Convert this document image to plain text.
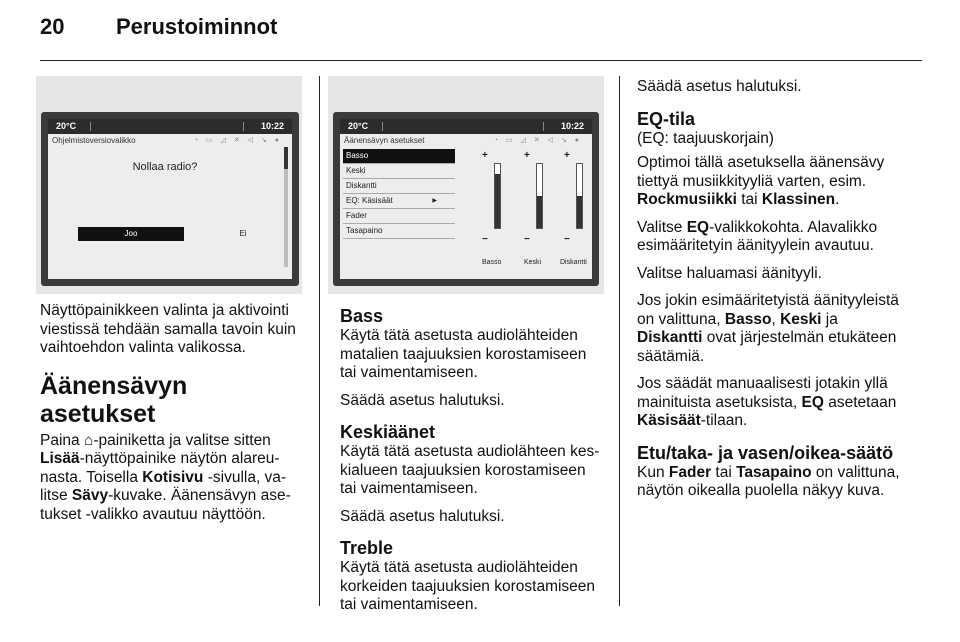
20 Perustoiminnot
20°C	10:22
Ohjelmistoversiovalikko	◔ ▭ ◿ ✕ ◁ ↘ ●
Nollaa radio?
Joo	Ei
20°C	10:22
Äänensävyn asetukset	◔ ▭ ◿ ✕ ◁ ↘ ●
Basso
Keski
Diskantti
EQ: Käsisäät	▶
Fader
Tasapaino
+
−
+
−
+
−
Basso	Keski	Diskantti

Näyttöpainikkeen valinta ja aktivointi viestissä tehdään samalla tavoin kuin vaihtoehdon valinta valikossa.

Äänensävyn asetukset

Paina ⌂-painiketta ja valitse sitten Lisää-näyttöpainike näytön alareunasta. Toisella Kotisivu -sivulla, valitse Sävy-kuvake. Äänensävyn asetukset -valikko avautuu näyttöön.

Bass

Käytä tätä asetusta audiolähteiden matalien taajuuksien korostamiseen tai vaimentamiseen.

Säädä asetus halutuksi.

Keskiäänet

Käytä tätä asetusta audiolähteen keskialueen taajuuksien korostamiseen tai vaimentamiseen.

Säädä asetus halutuksi.

Treble

Käytä tätä asetusta audiolähteiden korkeiden taajuuksien korostamiseen tai vaimentamiseen.

Säädä asetus halutuksi.

EQ-tila

(EQ: taajuuskorjain)

Optimoi tällä asetuksella äänensävy tiettyä musiikkityyliä varten, esim. Rockmusiikki tai Klassinen.

Valitse EQ-valikkokohta. Alavalikko esimääritetyin äänityylein avautuu.

Valitse haluamasi äänityyli.

Jos jokin esimääritetyistä äänityyleistä on valittuna, Basso, Keski ja Diskantti ovat järjestelmän etukäteen säätämiä.

Jos säädät manuaalisesti jotakin yllä mainituista asetuksista, EQ asetetaan Käsisäät-tilaan.

Etu/taka- ja vasen/oikea-säätö

Kun Fader tai Tasapaino on valittuna, näytön oikealla puolella näkyy kuva.
